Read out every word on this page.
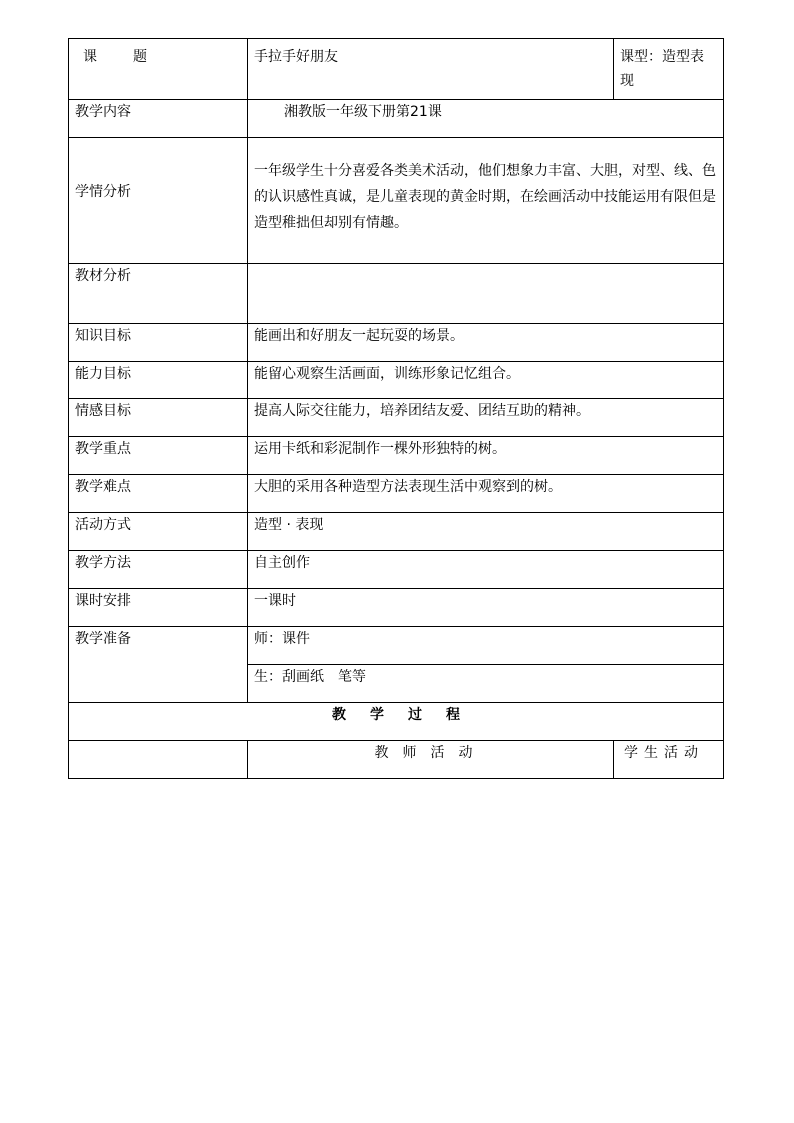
课 题	手拉手好朋友	课型：造型表现
教学内容	湘教版一年级下册第21课	
学情分析	一年级学生十分喜爱各类美术活动，他们想象力丰富、大胆，对型、线、色的认识感性真诚，是儿童表现的黄金时期，在绘画活动中技能运用有限但是造型稚拙但却别有情趣。	
教材分析		
知识目标	能画出和好朋友一起玩耍的场景。	
能力目标	能留心观察生活画面，训练形象记忆组合。	
情感目标	提高人际交往能力，培养团结友爱、团结互助的精神。	
教学重点	运用卡纸和彩泥制作一棵外形独特的树。	
教学难点	大胆的采用各种造型方法表现生活中观察到的树。	
活动方式	造型 · 表现	
教学方法	自主创作	
课时安排	一课时	
教学准备	师：课件	
	生：刮画纸　笔等	
教学过程		
	教师活动	学生活动
